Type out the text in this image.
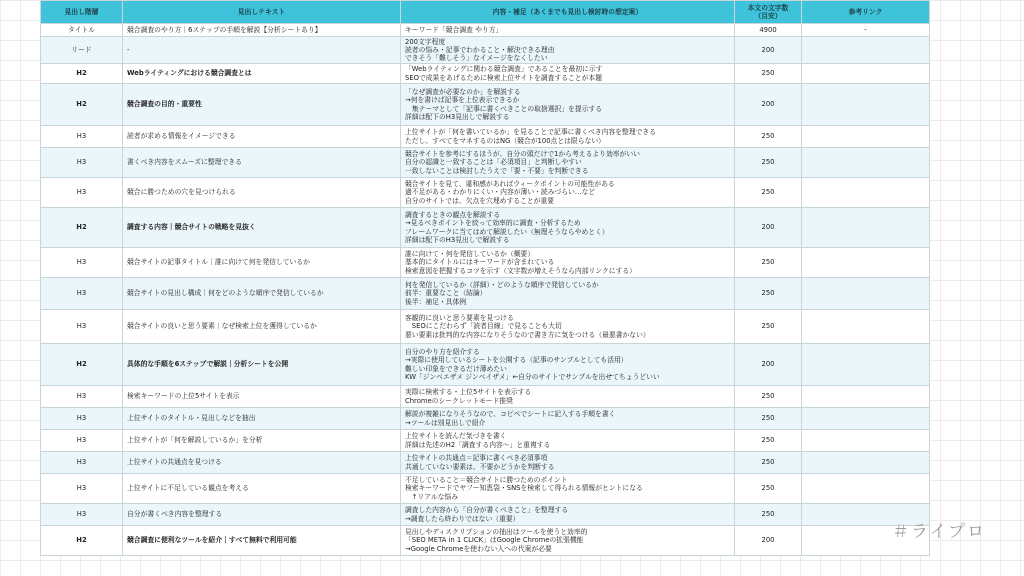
見出し階層	見出しテキスト	内容・補足（あくまでも見出し検討時の想定案）	本文の文字数
（目安）	参考リンク
タイトル	競合調査のやり方｜6ステップの手順を解説【分析シートあり】	キーワード「競合調査 やり方」	4900	-
リード	-	200文字程度
読者の悩み・記事でわかること・解決できる理由
できそう「難しそう」なイメージをなくしたい	200	
H2	Webライティングにおける競合調査とは	「Webライティングに関わる競合調査」であることを最初に示す
SEOで成果をあげるために検索上位サイトを調査することが本題	250	
H2	競合調査の目的・重要性	「なぜ調査が必要なのか」を解説する
→何を書けば記事を上位表示できるか
　集テーマとして「記事に書くべきことの取捨選択」を提示する
詳細は配下のH3見出しで解説する	200	
H3	読者が求める情報をイメージできる	上位サイトが「何を書いているか」を見ることで記事に書くべき内容を整理できる
ただし、すべてをマネするのはNG（競合が100点とは限らない）	250	
H3	書くべき内容をスムーズに整理できる	競合サイトを参考にするほうが、自分の頭だけで1から考えるより効率がいい
自分の認識と一致することは「必須項目」と判断しやすい
一致しないことは検討したうえで「要・不要」を判断できる	250	
H3	競合に勝つための穴を見つけられる	競合サイトを見て、違和感があればウィークポイントの可能性がある
過不足がある・わかりにくい・内容が薄い・読みづらい…など
自分のサイトでは、欠点を穴埋めすることが重要	250	
H2	調査する内容｜競合サイトの戦略を見抜く	調査するときの観点を解説する
→見るべきポイントを絞って効率的に調査・分析するため
フレームワークに当てはめて解説したい（無理そうならやめとく）
詳細は配下のH3見出しで解説する	200	
H3	競合サイトの記事タイトル｜誰に向けて何を発信しているか	誰に向けて・何を発信しているか（概要）
基本的にタイトルにはキーワードが含まれている
検索意図を把握するコツを示す（文字数が増えそうなら内部リンクにする）	250	
H3	競合サイトの見出し構成｜何をどのような順序で発信しているか	何を発信しているか（詳細）・どのような順序で発信しているか
前半：重要なこと（結論）
後半：補足・具体例	250	
H3	競合サイトの良いと思う要素｜なぜ検索上位を獲得しているか	客観的に良いと思う要素を見つける
　SEOにこだわらず「読者目線」で見ることも大切
悪い要素は批判的な内容になりそうなので書き方に気をつける（最悪書かない）	250	
H2	具体的な手順を6ステップで解説｜分析シートを公開	自分のやり方を紹介する
→実際に使用しているシートを公開する（記事のサンプルとしても活用）
難しい印象をできるだけ薄めたい
KW「ジンベエザメ ジンベイザメ」←自分のサイトでサンプルを出せてちょうどいい	200	
H3	検索キーワードの上位5サイトを表示	実際に検索する・上位5サイトを表示する
Chromeのシークレットモード推奨	250	
H3	上位サイトのタイトル・見出しなどを抽出	解説が複雑になりそうなので、コピペでシートに記入する手順を書く
→ツールは別見出しで紹介	250	
H3	上位サイトが「何を解説しているか」を分析	上位サイトを読んだ気づきを書く
詳細は先述のH2「調査する内容〜」と重複する	250	
H3	上位サイトの共通点を見つける	上位サイトの共通点＝記事に書くべき必須事項
共通していない要素は、不要かどうかを判断する	250	
H3	上位サイトに不足している観点を考える	不足していること＝競合サイトに勝つためのポイント
検索キーワードでヤフー知恵袋・SNSを検索して得られる情報がヒントになる
　↑リアルな悩み	250	
H3	自分が書くべき内容を整理する	調査した内容から「自分が書くべきこと」を整理する
→調査したら終わりではない（重要）	250	
H2	競合調査に便利なツールを紹介｜すべて無料で利用可能	見出しやディスクリプションの抽出はツールを使うと効率的
「SEO META in 1 CLICK」はGoogle Chromeの拡張機能
→Google Chromeを使わない人への代案が必要	200		＃ライプロ
